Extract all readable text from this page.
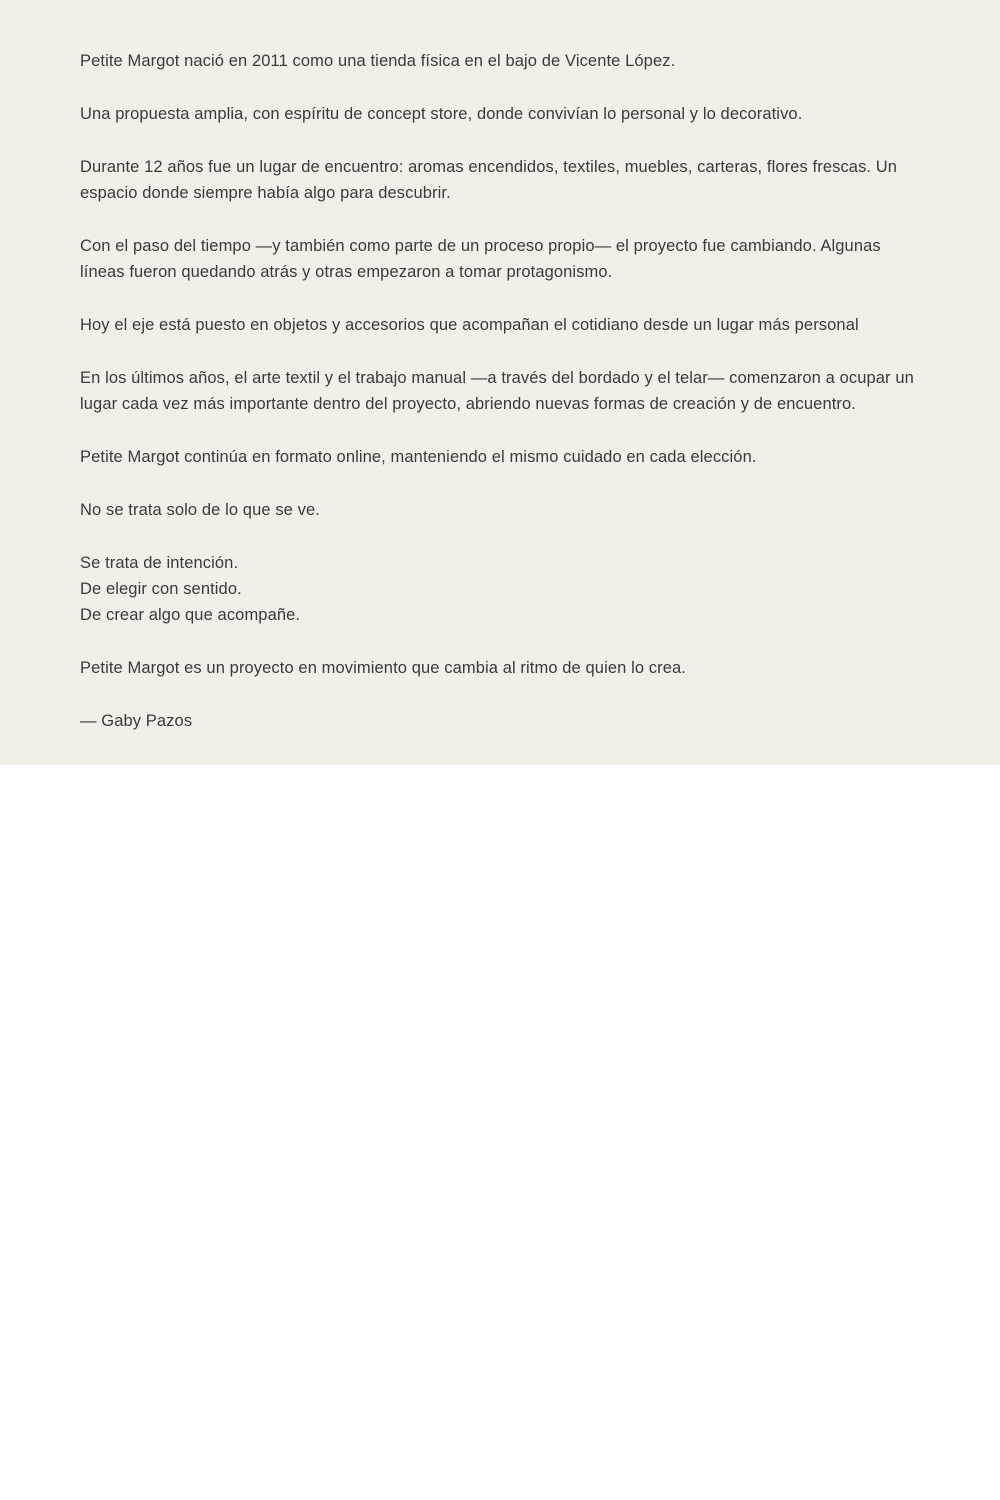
Petite Margot nació en 2011 como una tienda física en el bajo de Vicente López.

Una propuesta amplia, con espíritu de concept store, donde convivían lo personal y lo decorativo.

Durante 12 años fue un lugar de encuentro: aromas encendidos, textiles, muebles, carteras, flores frescas. Un espacio donde siempre había algo para descubrir.

Con el paso del tiempo —y también como parte de un proceso propio— el proyecto fue cambiando. Algunas líneas fueron quedando atrás y otras empezaron a tomar protagonismo.

Hoy el eje está puesto en objetos y accesorios que acompañan el cotidiano desde un lugar más personal

En los últimos años, el arte textil y el trabajo manual —a través del bordado y el telar— comenzaron a ocupar un lugar cada vez más importante dentro del proyecto, abriendo nuevas formas de creación y de encuentro.

Petite Margot continúa en formato online, manteniendo el mismo cuidado en cada elección.

No se trata solo de lo que se ve.

Se trata de intención.

De elegir con sentido.

De crear algo que acompañe.

Petite Margot es un proyecto en movimiento que cambia al ritmo de quien lo crea.

— Gaby Pazos
